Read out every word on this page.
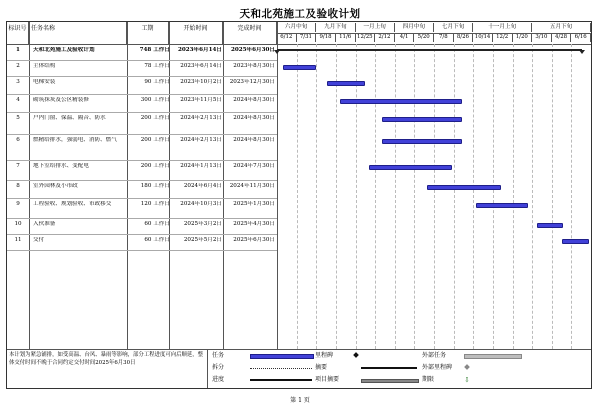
天和北苑施工及验收计划
标识号 任务名称	工期	开始时间	完成时间	六月中旬	九月下旬	一月上旬	四月中旬	七月下旬	十一月上旬	五月下旬
6/12	7/31	9/18	11/6	12/25	2/12	4/1	5/20	7/8	8/26	10/14	12/2	1/20	3/10	4/28	6/16
1	天和北苑施工及验收计划	748 工作日	2023年6月14日	2025年6月30日
2	主体结构	78 工作日	2023年6月14日	2023年8月30日
3	电梯安装	90 工作日	2023年10月2日	2023年12月30日
4	砌筑抹灰及公区精装修	300 工作日	2023年11月5日	2024年8月30日
5	户内门窗、保温、隔音、防水	200 工作日	2024年2月13日	2024年8月30日
6	燃精给排水，强弱电、消防、燃气	200 工作日	2024年2月13日	2024年8月30日
7	地下室给排水、变配电	200 工作日	2024年1月13日	2024年7月30日
8	室外园林及小市政	180 工作日	2024年6月4日	2024年11月30日
9	工程验收、规划验收、市政移交	120 工作日	2024年10月3日	2025年1月30日
10	入伙准备	60 工作日	2025年3月2日	2025年4月30日
11	交付	60 工作日	2025年5月2日	2025年6月30日
本计划为紧急铺排，如受高温、台风、暴雨等影响，部分工程进度可向后顺延，整体交付时间不晚于合同约定交付时间2025年6月30日
任务
拆分
进度
里程碑
摘要
项目摘要
外部任务
外部里程碑
期限	⇩
第 1 页
